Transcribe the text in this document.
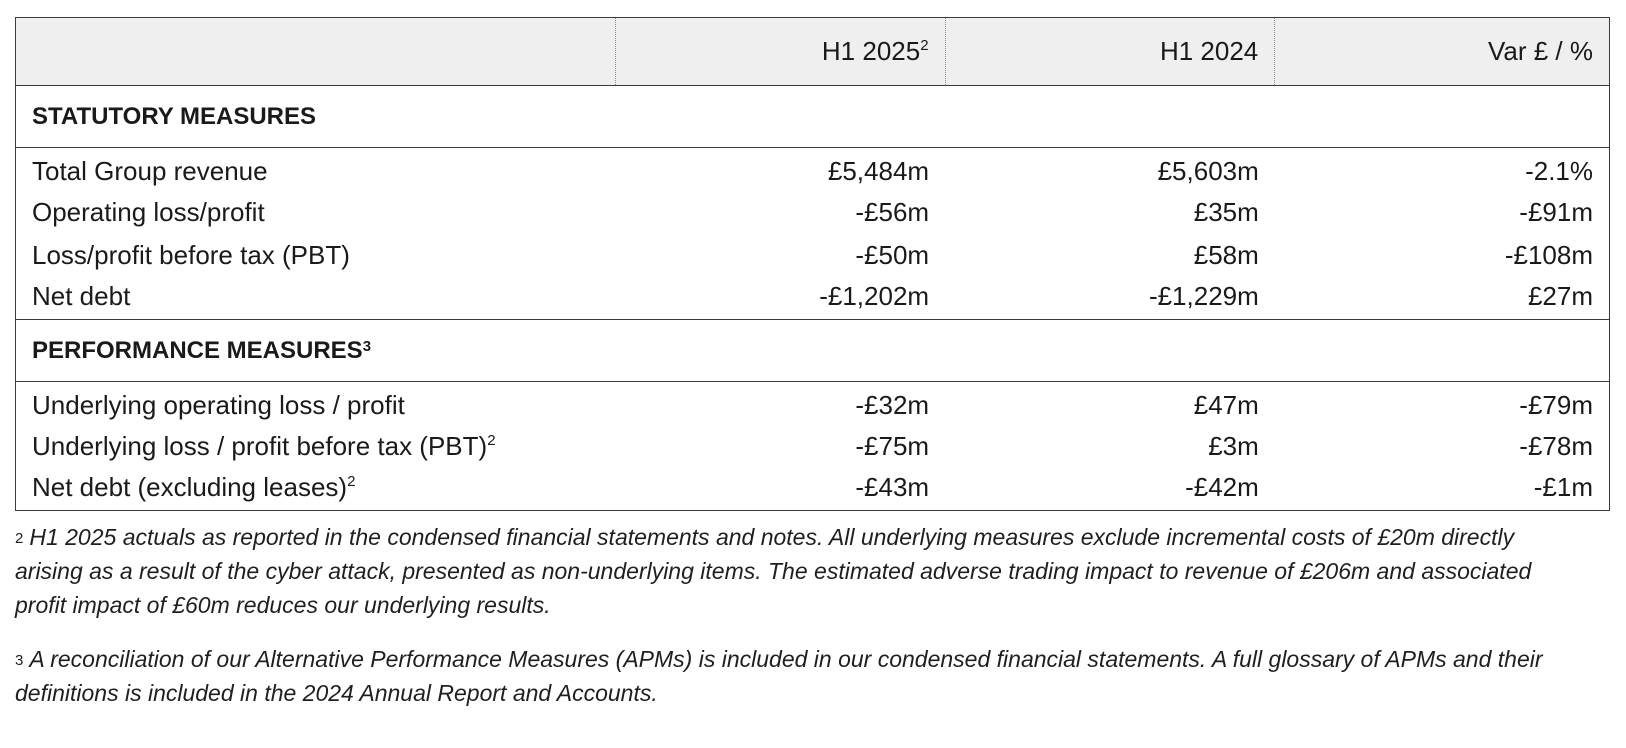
	H1 2025$^2$	H1 2024	Var £ / %
STATUTORY MEASURES			
Total Group revenue	£5,484m	£5,603m	-2.1%
Operating loss/profit	-£56m	£35m	-£91m
Loss/profit before tax (PBT)	-£50m	£58m	-£108m
Net debt	-£1,202m	-£1,229m	£27m
PERFORMANCE MEASURES$^3$
Underlying operating loss / profit	-£32m	£47m	-£79m
Underlying loss / profit before tax (PBT)$^2$	-£75m	£3m	-£78m
Net debt (excluding leases)$^2$	-£43m	-£42m	-£1m

$^2$ H1 2025 actuals as reported in the condensed financial statements and notes. All underlying measures exclude incremental costs of £20m directly arising as a result of the cyber attack, presented as non-underlying items. The estimated adverse trading impact to revenue of £206m and associated profit impact of £60m reduces our underlying results.

$^3$ A reconciliation of our Alternative Performance Measures (APMs) is included in our condensed financial statements. A full glossary of APMs and their definitions is included in the 2024 Annual Report and Accounts.
